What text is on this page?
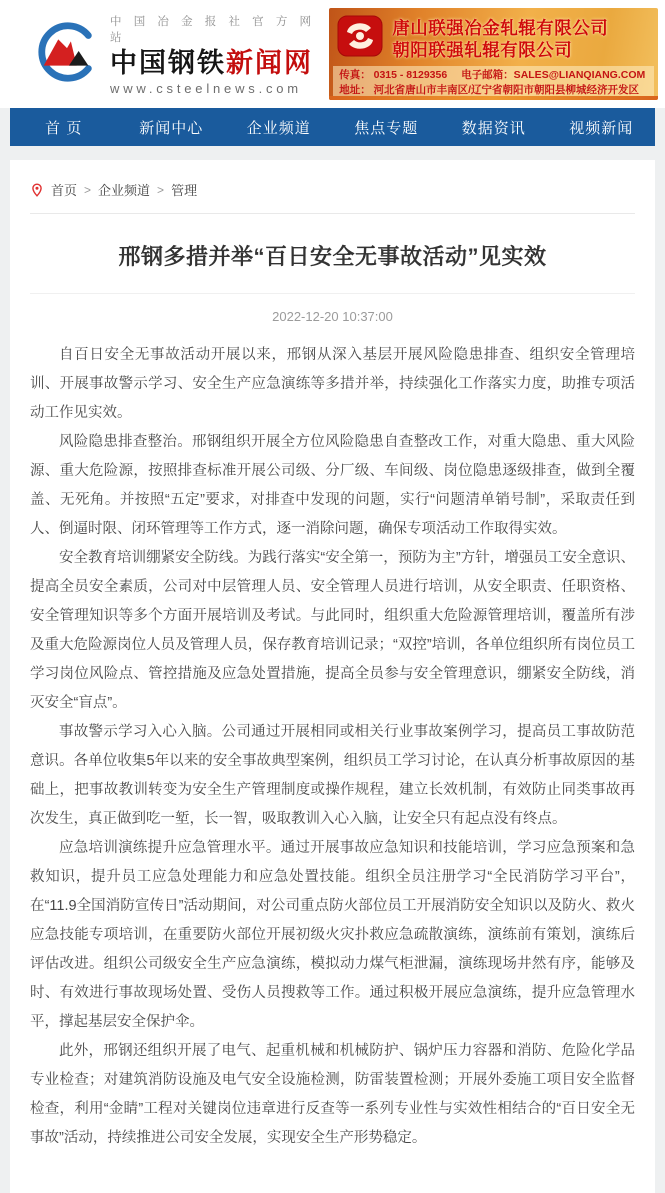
中 国 冶 金 报 社 官 方 网 站
中国钢铁新闻网
www.csteelnews.com
唐山联强冶金轧辊有限公司
朝阳联强轧辊有限公司
传真： 0315 - 8129356 电子邮箱：SALES@LIANQIANG.COM
地址： 河北省唐山市丰南区/辽宁省朝阳市朝阳县柳城经济开发区
首 页	新闻中心	企业频道	焦点专题	数据资讯	视频新闻
首页 > 企业频道 > 管理
邢钢多措并举“百日安全无事故活动”见实效
2022-12-20 10:37:00

自百日安全无事故活动开展以来，邢钢从深入基层开展风险隐患排查、组织安全管理培训、开展事故警示学习、安全生产应急演练等多措并举，持续强化工作落实力度，助推专项活动工作见实效。

风险隐患排查整治。邢钢组织开展全方位风险隐患自查整改工作，对重大隐患、重大风险源、重大危险源，按照排查标准开展公司级、分厂级、车间级、岗位隐患逐级排查，做到全覆盖、无死角。并按照“五定”要求，对排查中发现的问题，实行“问题清单销号制”，采取责任到人、倒逼时限、闭环管理等工作方式，逐一消除问题，确保专项活动工作取得实效。

安全教育培训绷紧安全防线。为践行落实“安全第一，预防为主”方针，增强员工安全意识、提高全员安全素质，公司对中层管理人员、安全管理人员进行培训，从安全职责、任职资格、安全管理知识等多个方面开展培训及考试。与此同时，组织重大危险源管理培训，覆盖所有涉及重大危险源岗位人员及管理人员，保存教育培训记录；“双控”培训，各单位组织所有岗位员工学习岗位风险点、管控措施及应急处置措施，提高全员参与安全管理意识，绷紧安全防线，消灭安全“盲点”。

事故警示学习入心入脑。公司通过开展相同或相关行业事故案例学习，提高员工事故防范意识。各单位收集5年以来的安全事故典型案例，组织员工学习讨论，在认真分析事故原因的基础上，把事故教训转变为安全生产管理制度或操作规程，建立长效机制，有效防止同类事故再次发生，真正做到吃一堑，长一智，吸取教训入心入脑，让安全只有起点没有终点。

应急培训演练提升应急管理水平。通过开展事故应急知识和技能培训，学习应急预案和急救知识，提升员工应急处理能力和应急处置技能。组织全员注册学习“全民消防学习平台”，在“11.9全国消防宣传日”活动期间，对公司重点防火部位员工开展消防安全知识以及防火、救火应急技能专项培训，在重要防火部位开展初级火灾扑救应急疏散演练，演练前有策划，演练后评估改进。组织公司级安全生产应急演练，模拟动力煤气柜泄漏，演练现场井然有序，能够及时、有效进行事故现场处置、受伤人员搜救等工作。通过积极开展应急演练，提升应急管理水平，撑起基层安全保护伞。

此外，邢钢还组织开展了电气、起重机械和机械防护、锅炉压力容器和消防、危险化学品专业检查；对建筑消防设施及电气安全设施检测，防雷装置检测；开展外委施工项目安全监督检查，利用“金睛”工程对关键岗位违章进行反查等一系列专业性与实效性相结合的“百日安全无事故”活动，持续推进公司安全发展，实现安全生产形势稳定。
